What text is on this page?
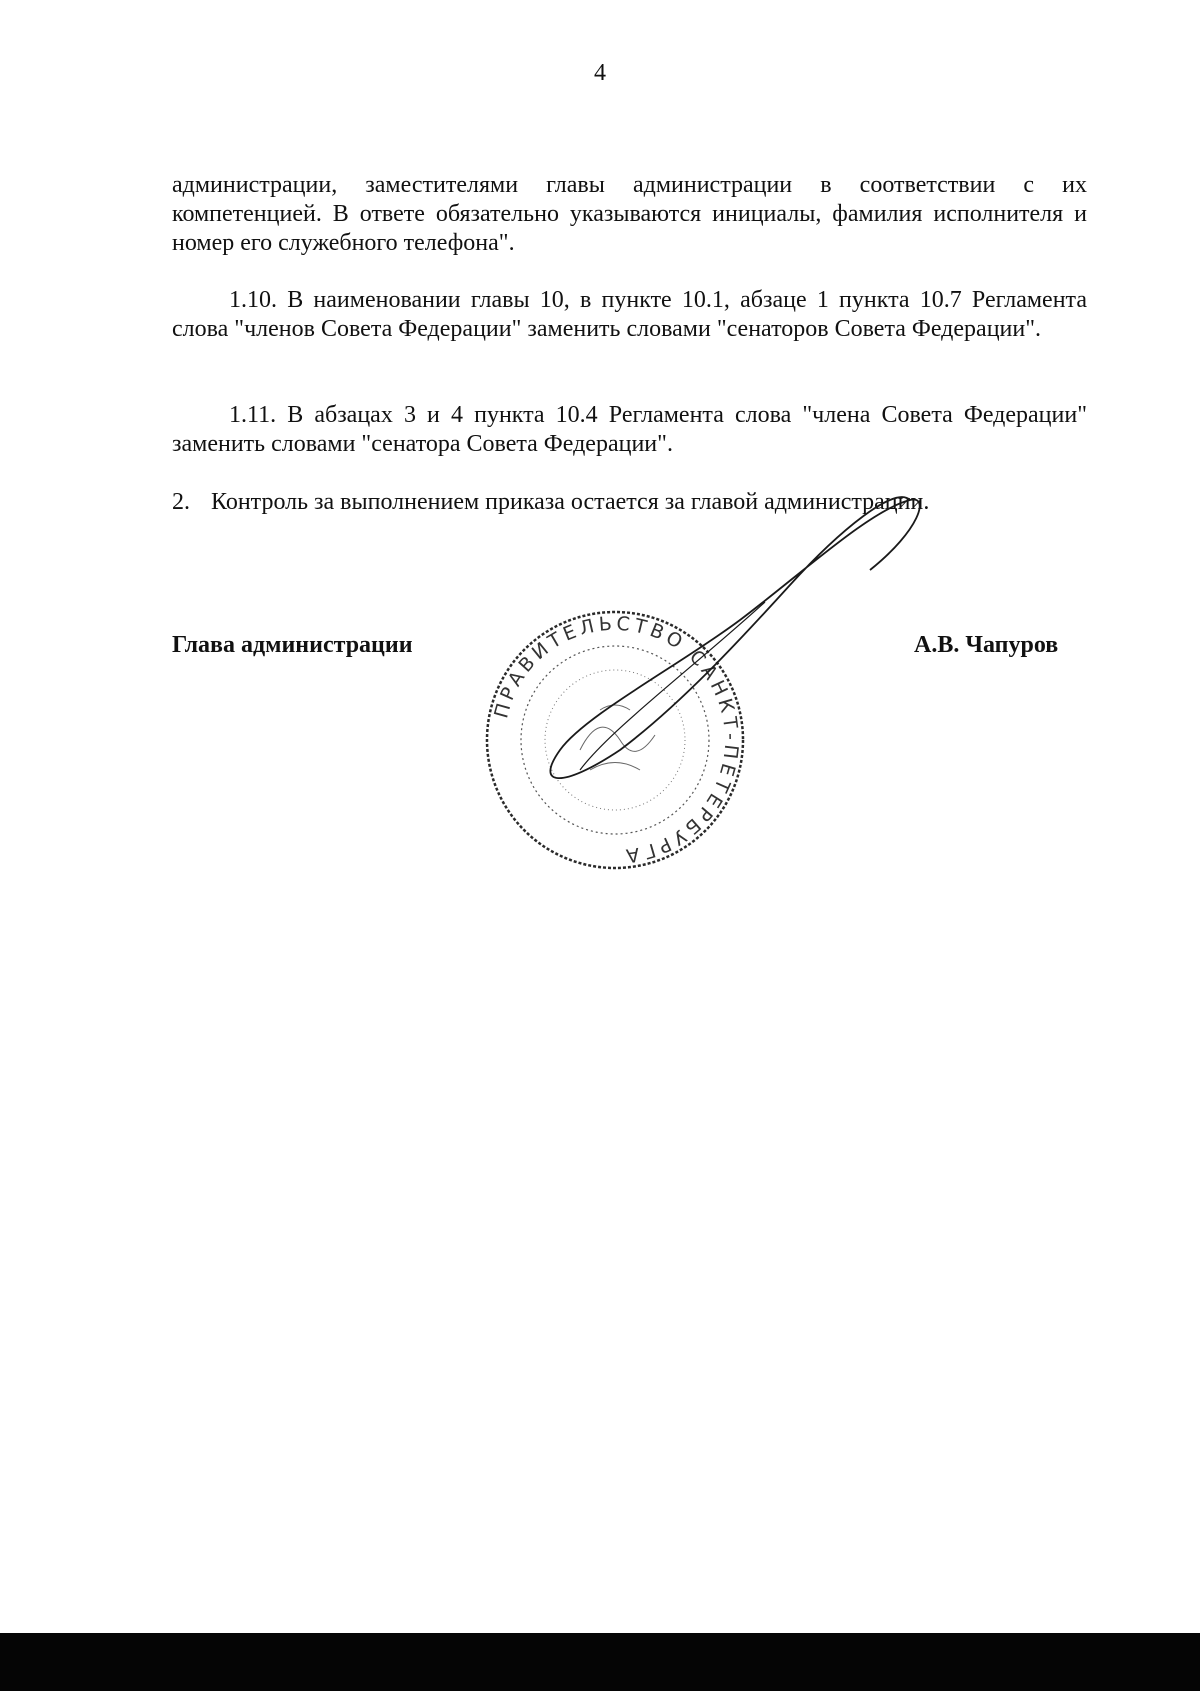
4

администрации, заместителями главы администрации в соответствии с их компетенцией. В ответе обязательно указываются инициалы, фамилия исполнителя и номер его служебного телефона".

1.10. В наименовании главы 10, в пункте 10.1, абзаце 1 пункта 10.7 Регламента слова "членов Совета Федерации" заменить словами "сенаторов Совета Федерации".

1.11. В абзацах 3 и 4 пункта 10.4 Регламента слова "члена Совета Федерации" заменить словами "сенатора Совета Федерации".

2. Контроль за выполнением приказа остается за главой администрации.

Глава администрации	А.В. Чапуров
ПРАВИТЕЛЬСТВО САНКТ-ПЕТЕРБУРГА
